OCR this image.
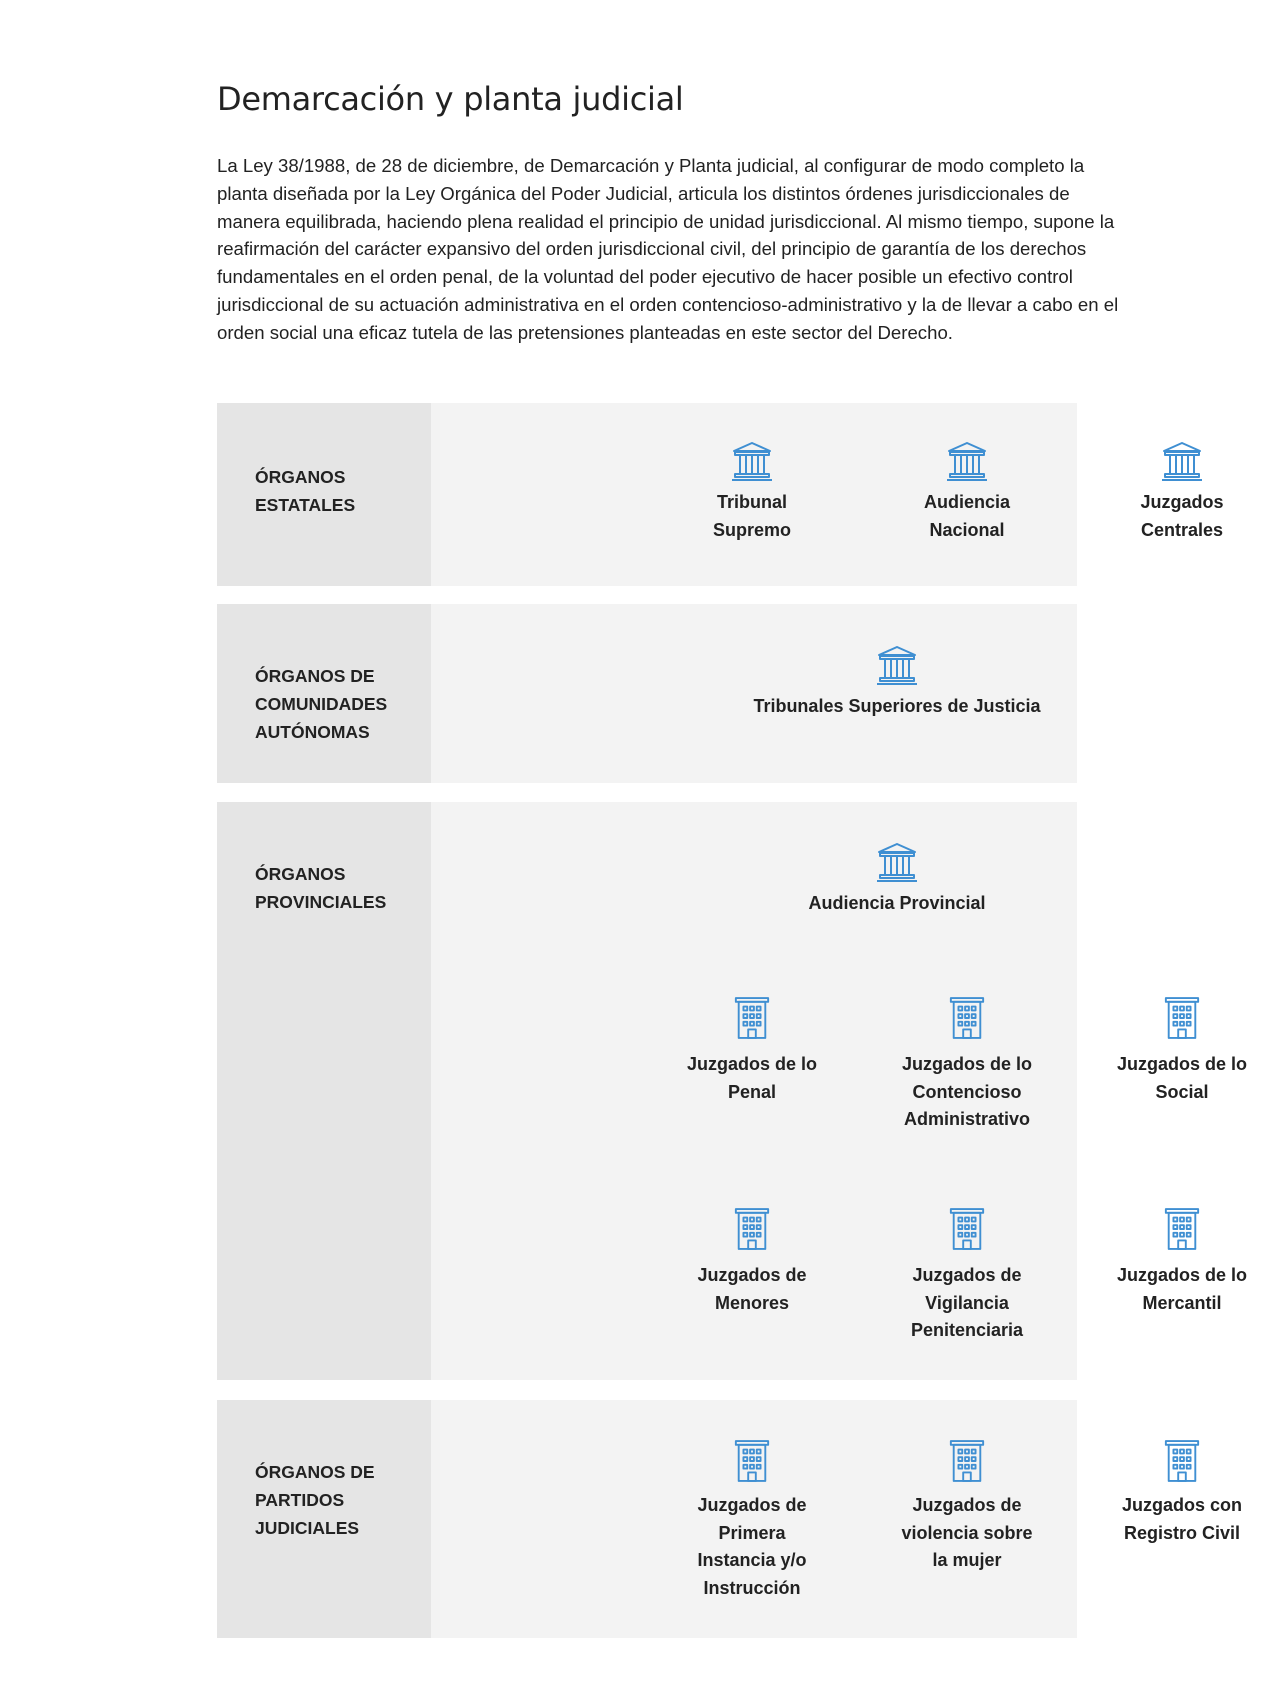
Demarcación y planta judicial

La Ley 38/1988, de 28 de diciembre, de Demarcación y Planta judicial, al configurar de modo completo la planta diseñada por la Ley Orgánica del Poder Judicial, articula los distintos órdenes jurisdiccionales de manera equilibrada, haciendo plena realidad el principio de unidad jurisdiccional. Al mismo tiempo, supone la reafirmación del carácter expansivo del orden jurisdiccional civil, del principio de garantía de los derechos fundamentales en el orden penal, de la voluntad del poder ejecutivo de hacer posible un efectivo control jurisdiccional de su actuación administrativa en el orden contencioso-administrativo y la de llevar a cabo en el orden social una eficaz tutela de las pretensiones planteadas en este sector del Derecho.

ÓRGANOS
ESTATALES	Tribunal
Supremo
Audiencia
Nacional
Juzgados
Centrales
ÓRGANOS DE
COMUNIDADES
AUTÓNOMAS
Tribunales Superiores de Justicia
ÓRGANOS
PROVINCIALES	Audiencia Provincial
Juzgados de lo
Penal
Juzgados de lo
Contencioso
Administrativo
Juzgados de lo
Social
Juzgados de
Menores
Juzgados de
Vigilancia
Penitenciaria
Juzgados de lo
Mercantil
ÓRGANOS DE
PARTIDOS
JUDICIALES
Juzgados de
Primera
Instancia y/o
Instrucción
Juzgados de
violencia sobre
la mujer
Juzgados con
Registro Civil
